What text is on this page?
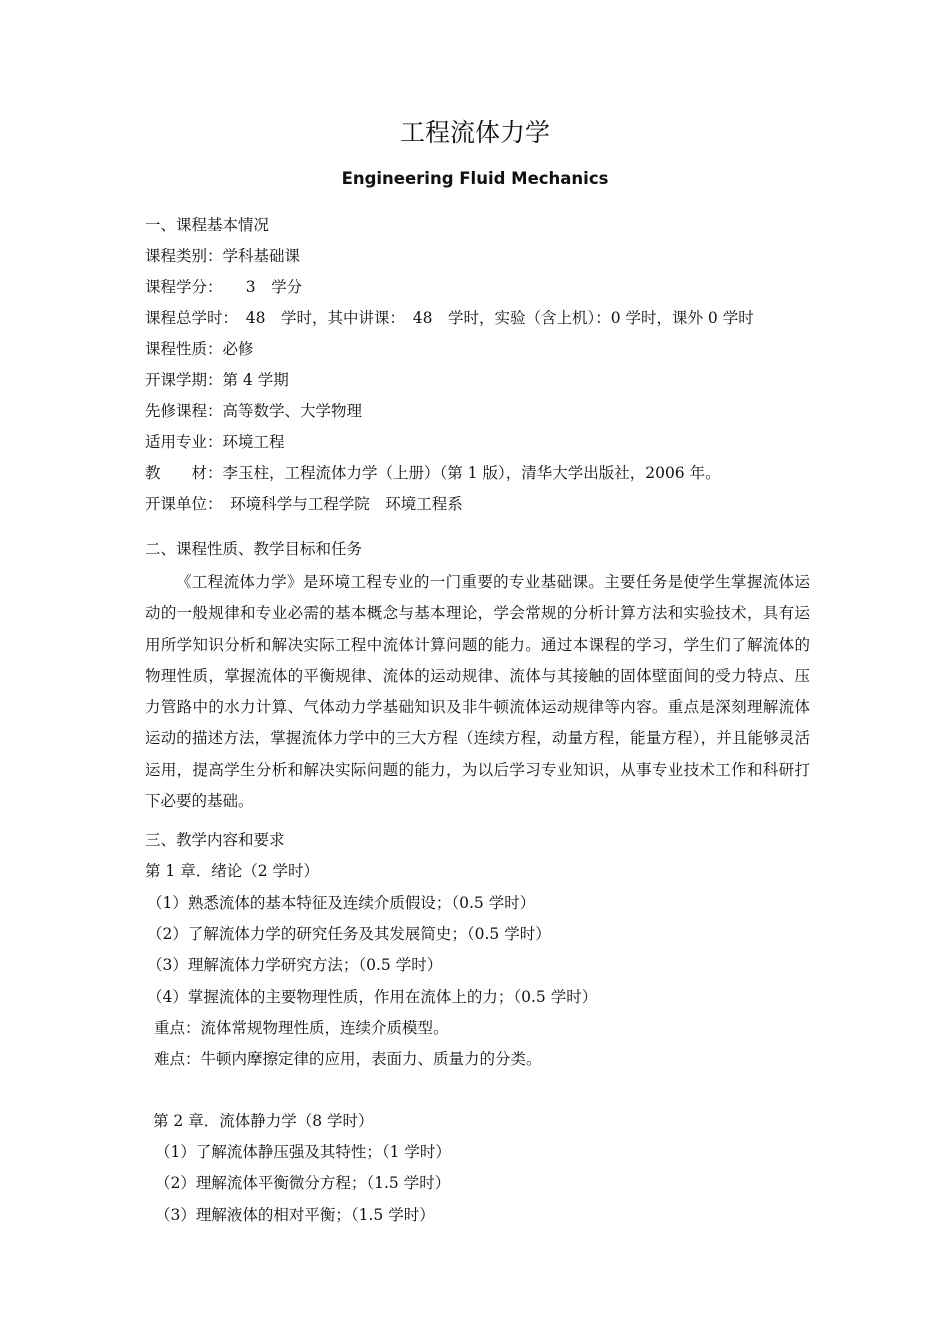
工程流体力学
Engineering Fluid Mechanics
一、课程基本情况
课程类别：学科基础课
课程学分：　　3　学分
课程总学时：　48　学时，其中讲课：　48　学时，实验（含上机）：0 学时，课外 0 学时
课程性质：必修
开课学期：第 4 学期
先修课程：高等数学、大学物理
适用专业：环境工程
教　　材：李玉柱，工程流体力学（上册）（第 1 版），清华大学出版社，2006 年。
开课单位：　环境科学与工程学院　环境工程系
二、课程性质、教学目标和任务
《工程流体力学》是环境工程专业的一门重要的专业基础课。主要任务是使学生掌握流体运动的一般规律和专业必需的基本概念与基本理论，学会常规的分析计算方法和实验技术，具有运用所学知识分析和解决实际工程中流体计算问题的能力。通过本课程的学习，学生们了解流体的物理性质，掌握流体的平衡规律、流体的运动规律、流体与其接触的固体壁面间的受力特点、压力管路中的水力计算、气体动力学基础知识及非牛顿流体运动规律等内容。重点是深刻理解流体运动的描述方法，掌握流体力学中的三大方程（连续方程，动量方程，能量方程），并且能够灵活运用，提高学生分析和解决实际问题的能力，为以后学习专业知识，从事专业技术工作和科研打下必要的基础。
三、教学内容和要求
第 1 章．绪论（2 学时）
（1）熟悉流体的基本特征及连续介质假设；（0.5 学时）
（2）了解流体力学的研究任务及其发展简史；（0.5 学时）
（3）理解流体力学研究方法；（0.5 学时）
（4）掌握流体的主要物理性质，作用在流体上的力；（0.5 学时）
重点：流体常规物理性质，连续介质模型。
难点：牛顿内摩擦定律的应用，表面力、质量力的分类。
第 2 章．流体静力学（8 学时）
（1）了解流体静压强及其特性；（1 学时）
（2）理解流体平衡微分方程；（1.5 学时）
（3）理解液体的相对平衡；（1.5 学时）
